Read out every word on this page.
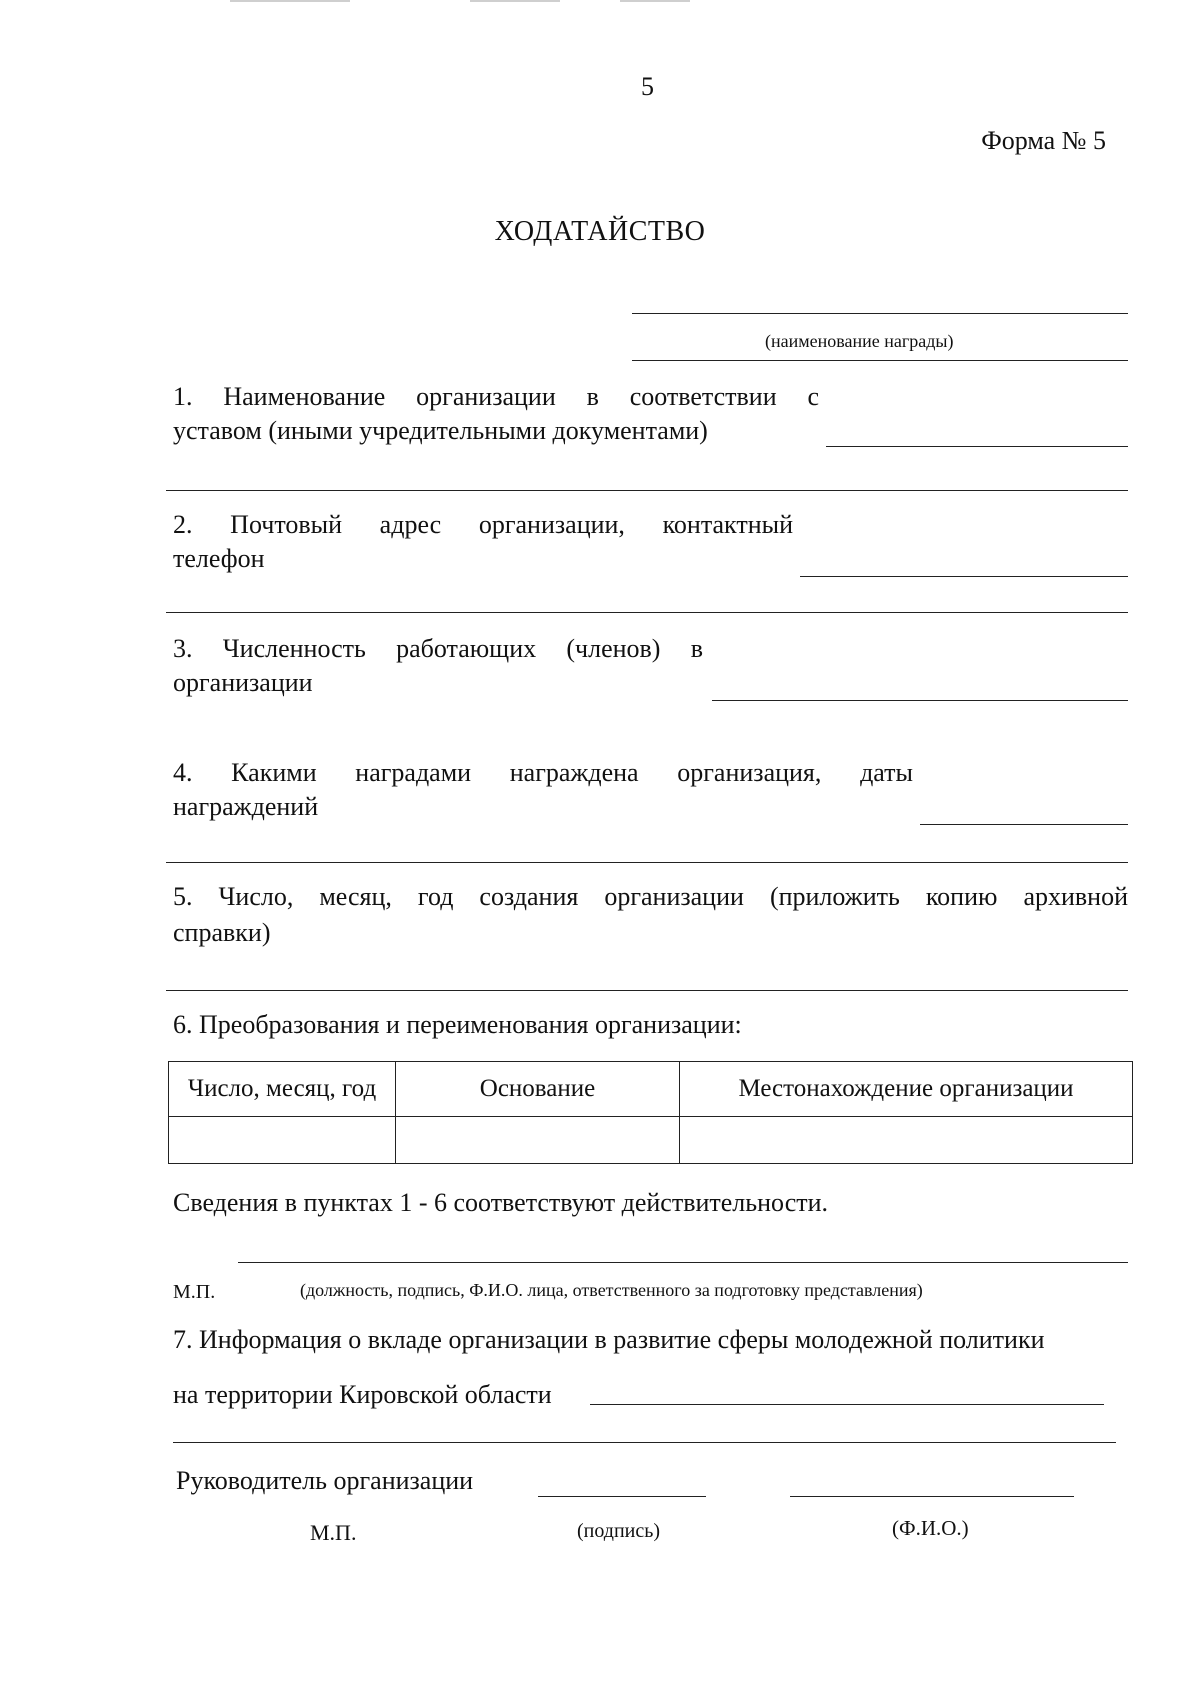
5
Форма № 5
ХОДАТАЙСТВО
(наименование награды)
1. Наименование организации в соответствии с
уставом (иными учредительными документами)
2. Почтовый адрес организации, контактный
телефон
3. Численность работающих (членов) в
организации
4. Какими наградами награждена организация, даты
награждений
5. Число, месяц, год создания организации (приложить копию архивной
справки)
6. Преобразования и переименования организации:
Число, месяц, год	Основание	Местонахождение организации

Сведения в пунктах 1 - 6 соответствуют действительности.
М.П.	(должность, подпись, Ф.И.О. лица, ответственного за подготовку представления)
7. Информация о вкладе организации в развитие сферы молодежной политики
на территории Кировской области
Руководитель организации
М.П.	(подпись)	(Ф.И.О.)
